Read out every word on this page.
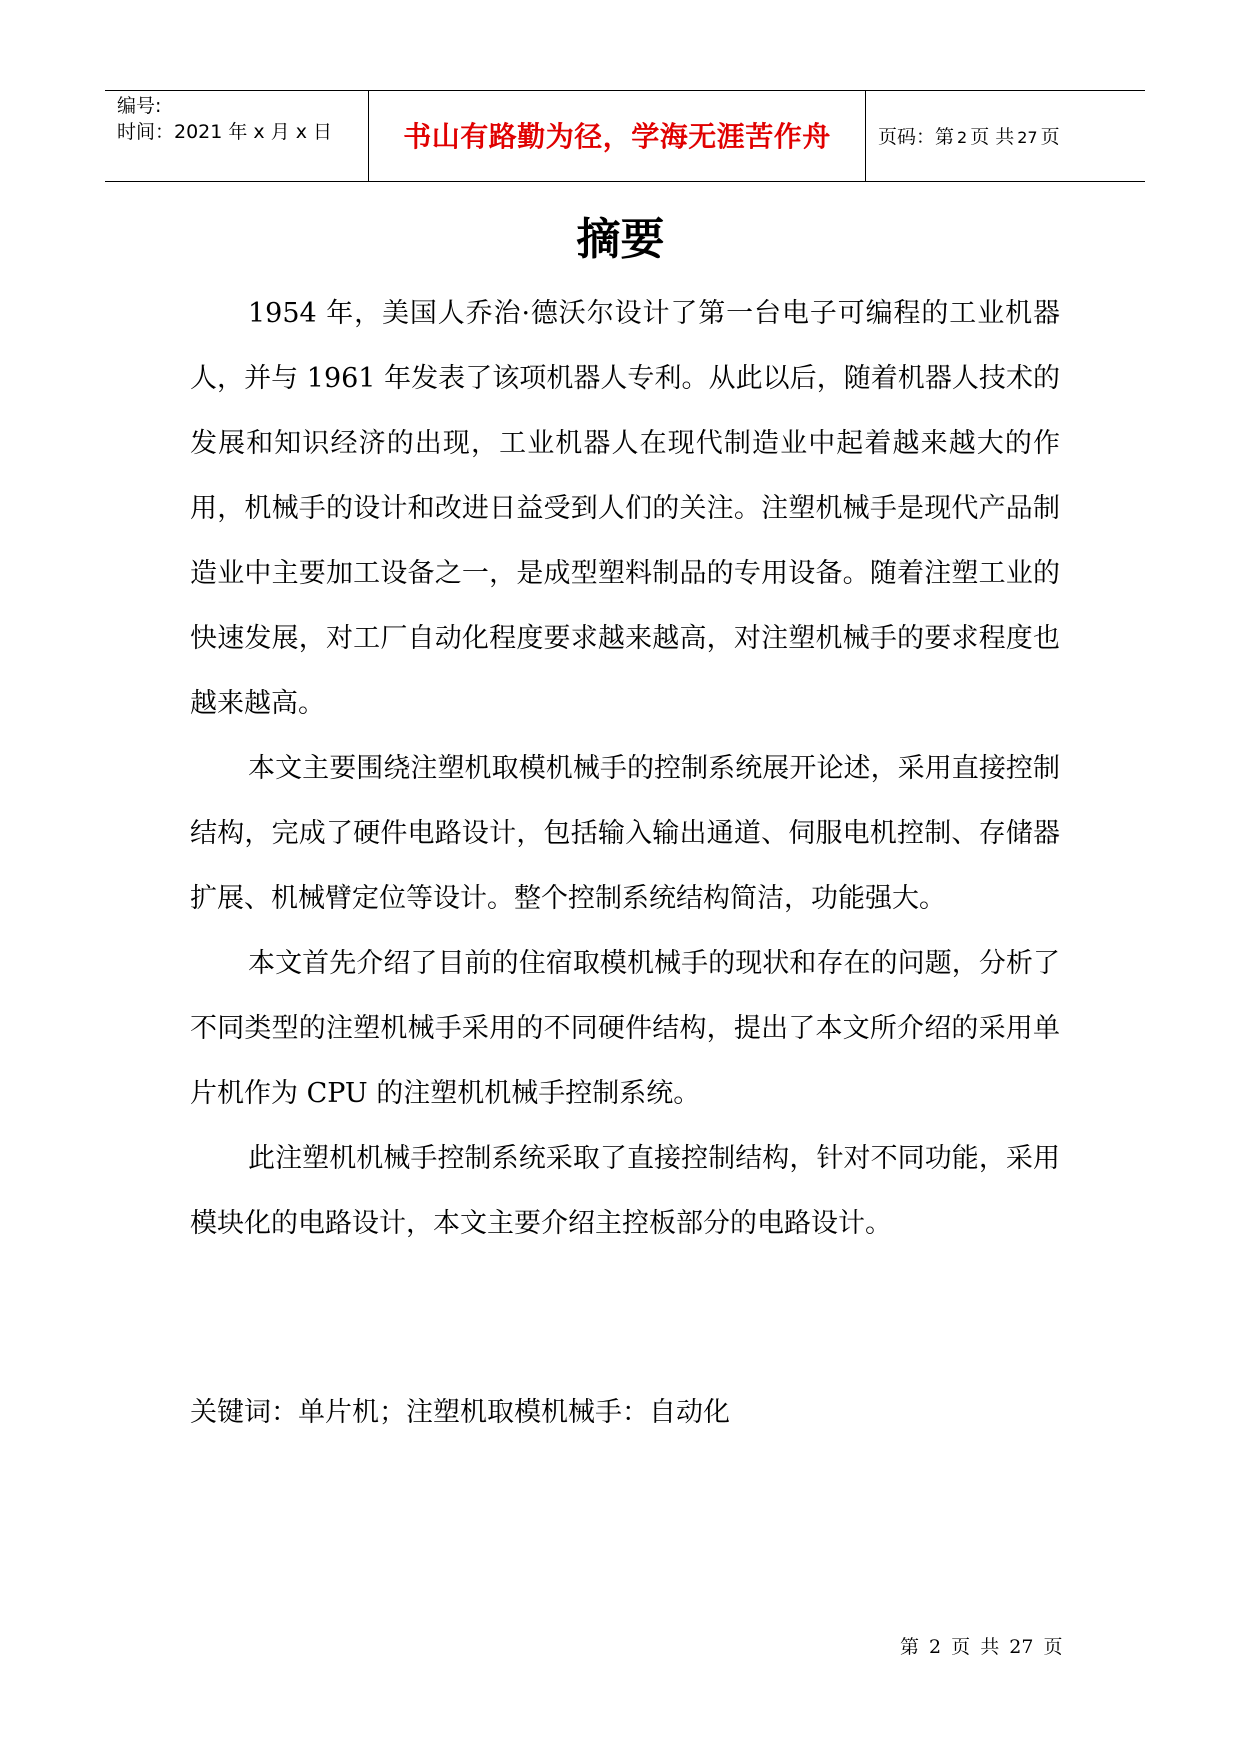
编号:
时间：2021 年 x 月 x 日	书山有路勤为径，学海无涯苦作舟	页码：第 2 页 共 27 页
摘要

1954 年，美国人乔治·德沃尔设计了第一台电子可编程的工业机器人，并与 1961 年发表了该项机器人专利。从此以后，随着机器人技术的发展和知识经济的出现，工业机器人在现代制造业中起着越来越大的作用，机械手的设计和改进日益受到人们的关注。注塑机械手是现代产品制造业中主要加工设备之一，是成型塑料制品的专用设备。随着注塑工业的快速发展，对工厂自动化程度要求越来越高，对注塑机械手的要求程度也越来越高。

本文主要围绕注塑机取模机械手的控制系统展开论述，采用直接控制结构，完成了硬件电路设计，包括输入输出通道、伺服电机控制、存储器扩展、机械臂定位等设计。整个控制系统结构简洁，功能强大。

本文首先介绍了目前的住宿取模机械手的现状和存在的问题，分析了不同类型的注塑机械手采用的不同硬件结构，提出了本文所介绍的采用单片机作为 CPU 的注塑机机械手控制系统。

此注塑机机械手控制系统采取了直接控制结构，针对不同功能，采用模块化的电路设计，本文主要介绍主控板部分的电路设计。

关键词：单片机；注塑机取模机械手：自动化
第 2 页 共 27 页
